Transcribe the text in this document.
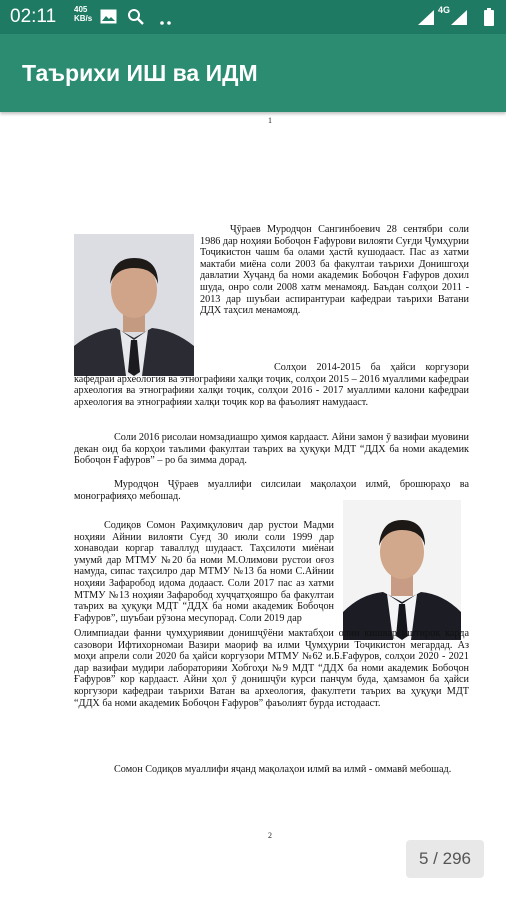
02:11 405
KB/s
4G
Таърихи ИШ ва ИДМ
1
Ҷӯраев Муродҷон Сангинбоевич 28 сентябри соли 1986 дар ноҳияи Бобоҷон Ғафурови вилояти Суғди Ҷумҳурии Тоҷикистон чашм ба олами ҳастӣ кушодааст. Пас аз хатми мактаби миёна соли 2003 ба факултаи таърихи Донишгоҳи давлатии Хуҷанд ба номи академик Бобоҷон Ғафуров дохил шуда, онро соли 2008 хатм менамояд. Баъдан солҳои 2011 - 2013 дар шуъбаи аспирантураи кафедраи таърихи Ватани ДДХ таҳсил менамояд.
Солҳои 2014-2015 ба ҳайси коргузори кафедраи археология ва этнографияи халқи тоҷик, солҳои 2015 – 2016 муаллими кафедраи археология ва этнографияи халқи тоҷик, солҳои 2016 - 2017 муаллими калони кафедраи археология ва этнографияи халқи тоҷик кор ва фаъолият намудааст.
Соли 2016 рисолаи номзадиашро ҳимоя кардааст. Айни замон ӯ вазифаи муовини декан оид ба корҳои таълими факултаи таърих ва ҳуқуқи МДТ “ДДХ ба номи академик Бобоҷон Ғафуров” – ро ба зимма дорад.
Муродҷон Ҷӯраев муаллифи силсилаи мақолаҳои илмӣ, брошюраҳо ва монографияҳо мебошад.
Содиқов Сомон Раҳимқулович дар рустои Мадми ноҳияи Айнии вилояти Суғд 30 июли соли 1999 дар хонаводаи коргар таваллуд шудааст. Таҳсилоти миёнаи умумӣ дар МТМУ №20 ба номи М.Олимови рустои оғоз намуда, сипас таҳсилро дар МТМУ №13 ба номи С.Айнии ноҳияи Зафаробод идома додааст. Соли 2017 пас аз хатми МТМУ №13 ноҳияи Зафаробод хуҷҷатҳояшро ба факултаи таърих ва ҳуқуқи МДТ “ДДХ ба номи академик Бобоҷон Ғафуров”, шуъбаи рӯзона месупорад. Соли 2019 дар
Сомон Содиқов муаллифи яҷанд мақолаҳои илмӣ ва илмӣ - оммавӣ мебошад.
2
5 / 296
Олимпиадаи фанни ҷумҳуриявии донишҷӯёни мактабҳои олии кишвар иштирок карда сазовори Ифтихорномаи Вазири маориф ва илми Ҷумҳурии Тоҷикистон мегардад. Аз моҳи апрели соли 2020 ба ҳайси коргузори МТМУ №62 и.Б.Ғафуров, солҳои 2020 - 2021 дар вазифаи мудири лабораторияи Хобгоҳи №9 МДТ “ДДХ ба номи академик Бобоҷон Ғафуров” кор кардааст. Айни ҳол ӯ донишҷӯи курси панҷум буда, ҳамзамон ба ҳайси коргузори кафедраи таърихи Ватан ва археология, факултети таърих ва ҳуқуқи МДТ “ДДХ ба номи академик Бобоҷон Ғафуров” фаъолият бурда истодааст.
